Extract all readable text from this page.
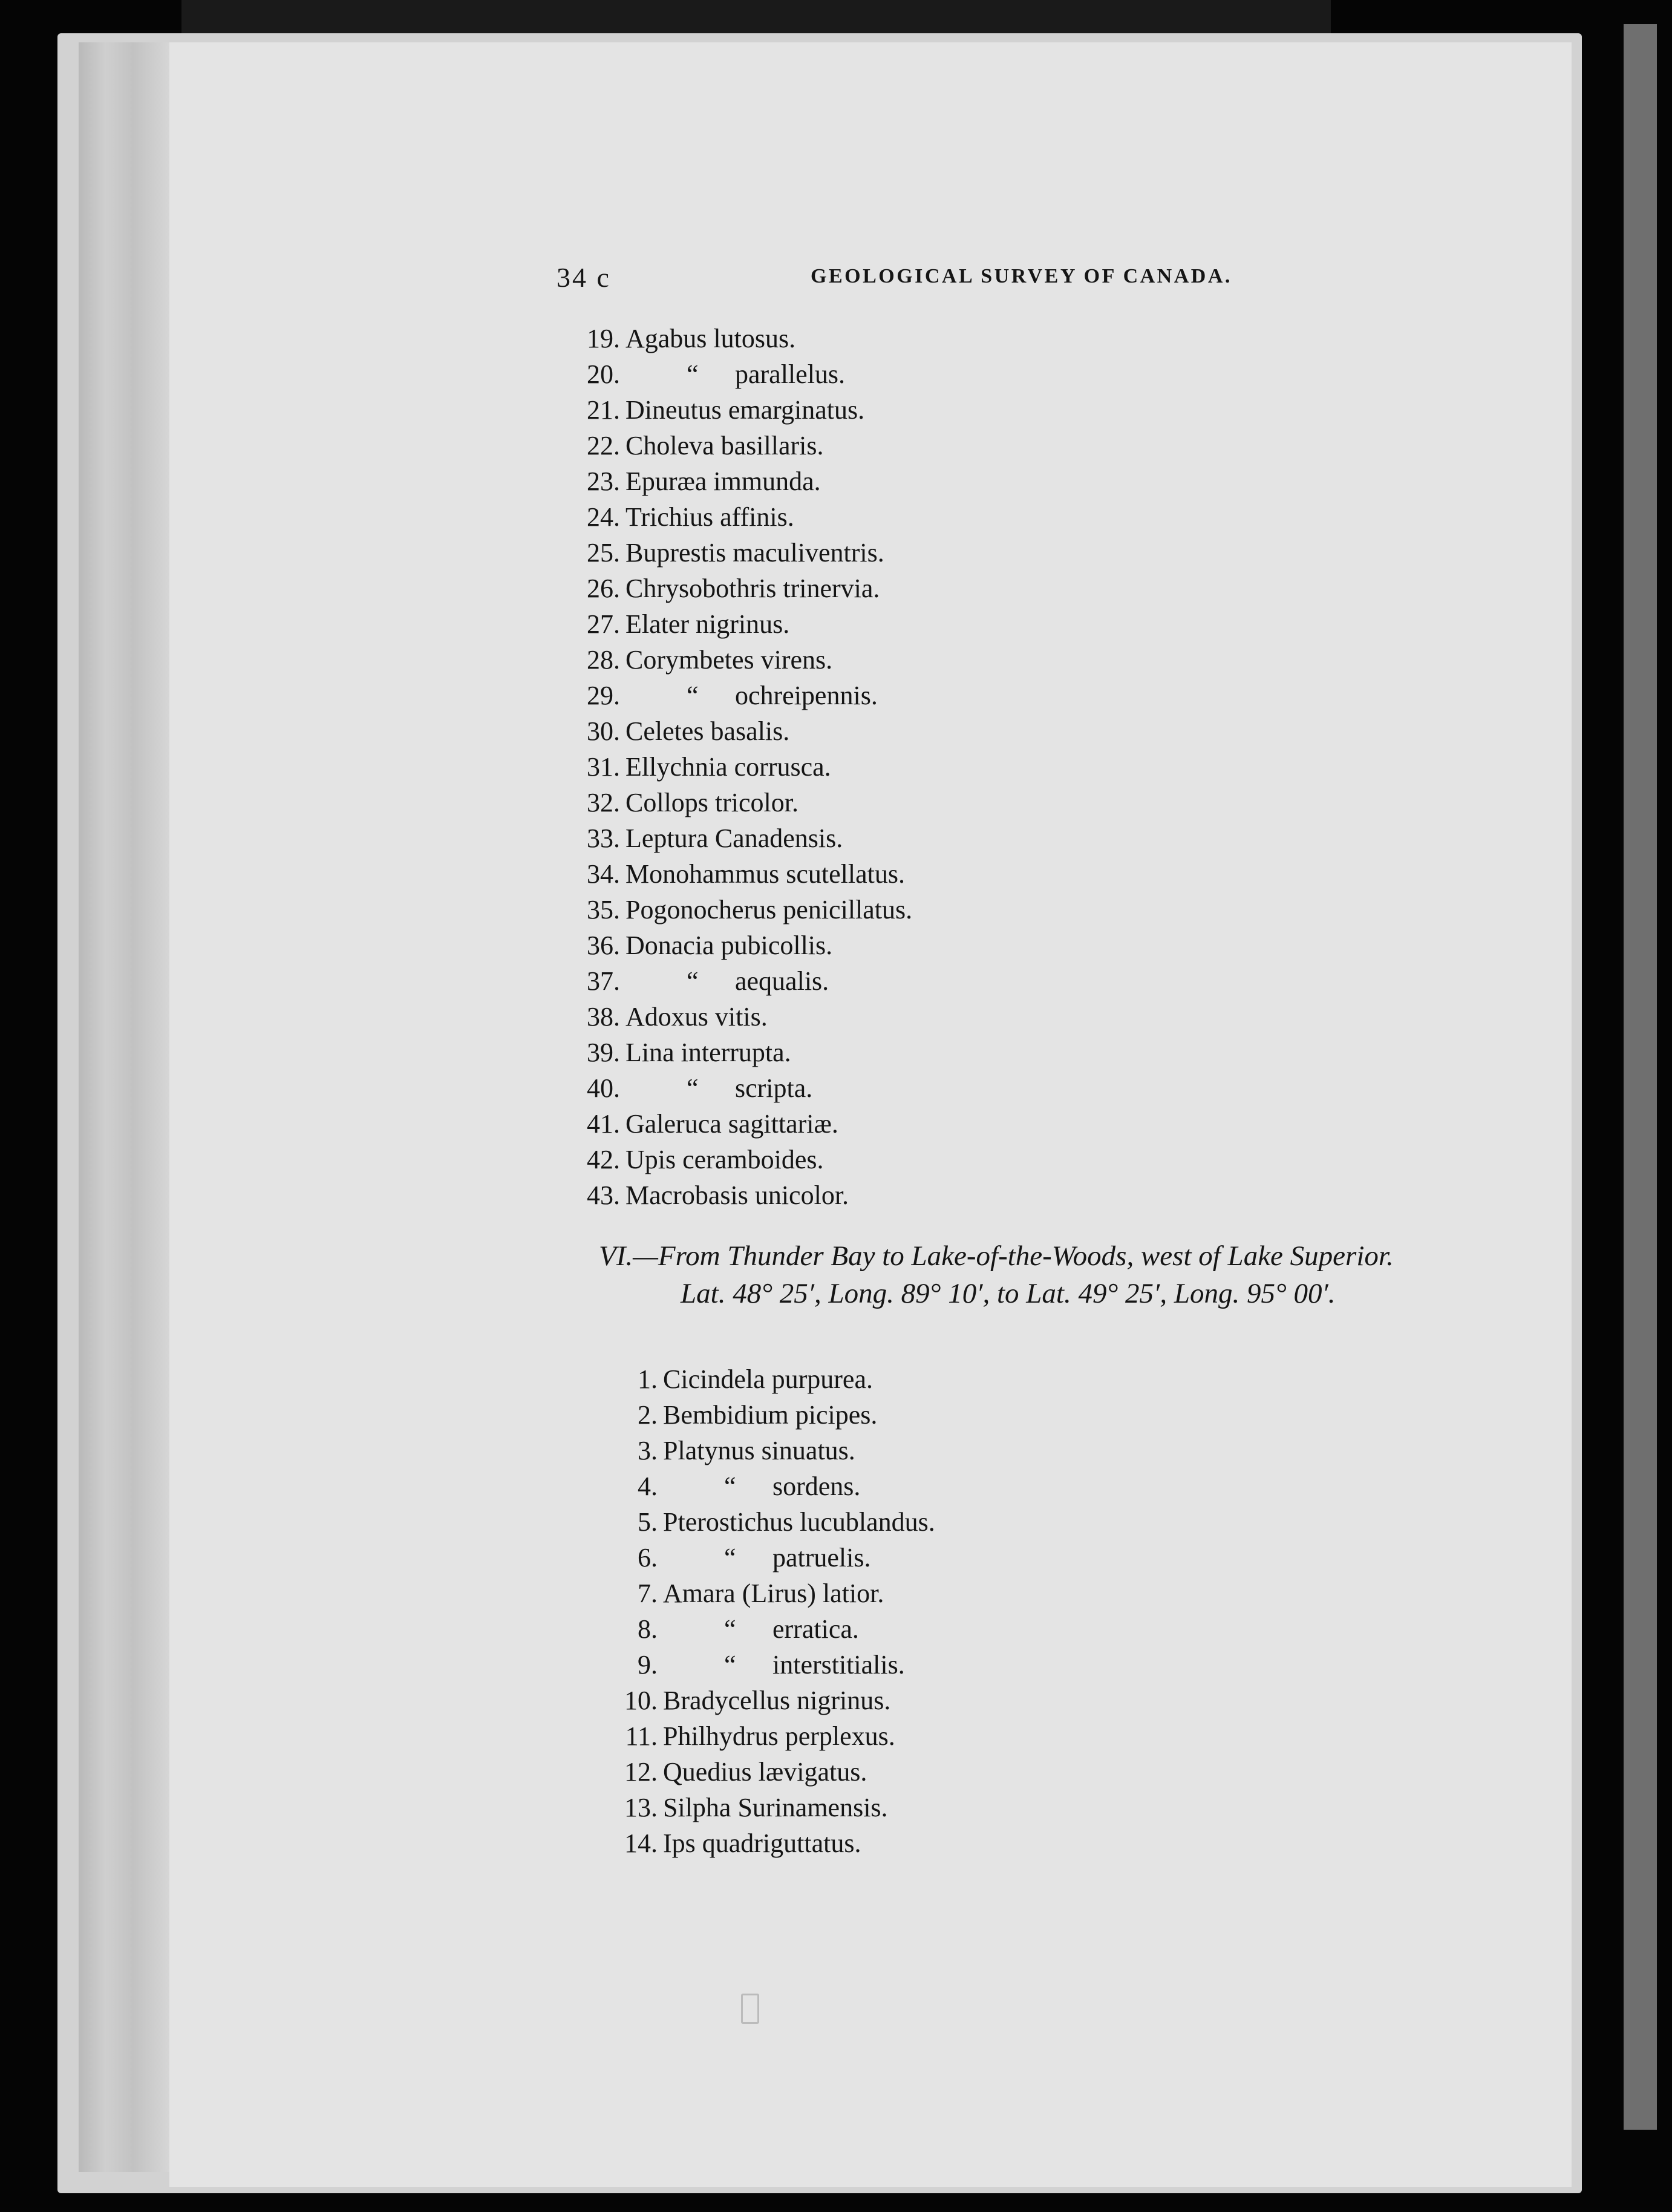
34 c	GEOLOGICAL SURVEY OF CANADA.
19. Agabus lutosus.
20.	“ parallelus.
21. Dineutus emarginatus.
22. Choleva basillaris.
23. Epuræa immunda.
24. Trichius affinis.
25. Buprestis maculiventris.
26. Chrysobothris trinervia.
27. Elater nigrinus.
28. Corymbetes virens.
29.	“ ochreipennis.
30. Celetes basalis.
31. Ellychnia corrusca.
32. Collops tricolor.
33. Leptura Canadensis.
34. Monohammus scutellatus.
35. Pogonocherus penicillatus.
36. Donacia pubicollis.
37.	“ aequalis.
38. Adoxus vitis.
39. Lina interrupta.
40.	“ scripta.
41. Galeruca sagittariæ.
42. Upis ceramboides.
43. Macrobasis unicolor.
VI.—From Thunder Bay to Lake-of-the-Woods, west of Lake Superior.
Lat. 48° 25′, Long. 89° 10′, to Lat. 49° 25′, Long. 95° 00′.
1. Cicindela purpurea.
2. Bembidium picipes.
3. Platynus sinuatus.
4.	“ sordens.
5. Pterostichus lucublandus.
6.	“ patruelis.
7. Amara (Lirus) latior.
8.	“ erratica.
9.	“ interstitialis.
10. Bradycellus nigrinus.
11. Philhydrus perplexus.
12. Quedius lævigatus.
13. Silpha Surinamensis.
14. Ips quadriguttatus.
